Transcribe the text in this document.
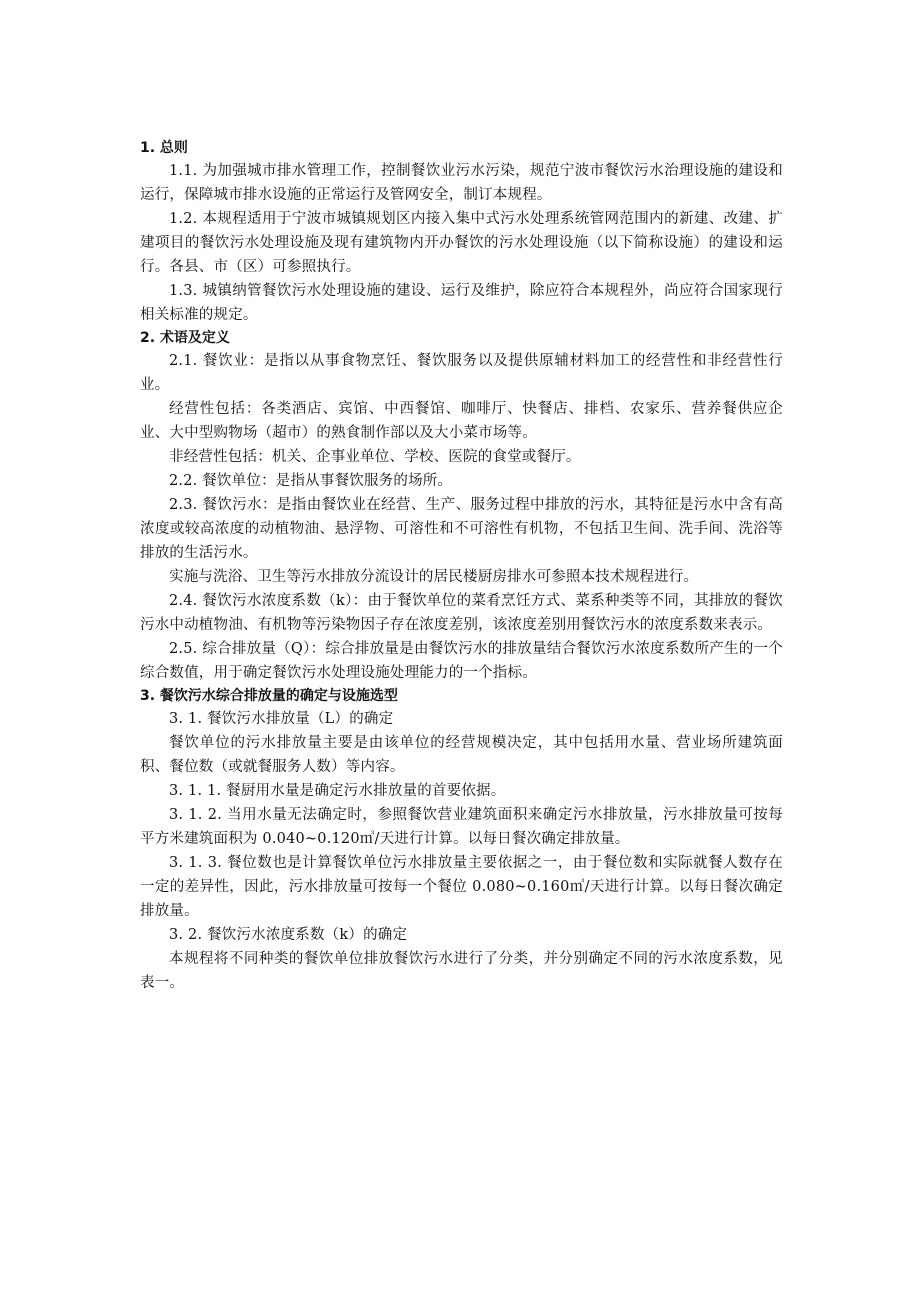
1. 总则

1.1. 为加强城市排水管理工作，控制餐饮业污水污染，规范宁波市餐饮污水治理设施的建设和运行，保障城市排水设施的正常运行及管网安全，制订本规程。

1.2. 本规程适用于宁波市城镇规划区内接入集中式污水处理系统管网范围内的新建、改建、扩建项目的餐饮污水处理设施及现有建筑物内开办餐饮的污水处理设施（以下简称设施）的建设和运行。各县、市（区）可参照执行。

1.3. 城镇纳管餐饮污水处理设施的建设、运行及维护，除应符合本规程外，尚应符合国家现行相关标准的规定。

2. 术语及定义

2.1. 餐饮业：是指以从事食物烹饪、餐饮服务以及提供原辅材料加工的经营性和非经营性行业。

经营性包括：各类酒店、宾馆、中西餐馆、咖啡厅、快餐店、排档、农家乐、营养餐供应企业、大中型购物场（超市）的熟食制作部以及大小菜市场等。

非经营性包括：机关、企事业单位、学校、医院的食堂或餐厅。

2.2. 餐饮单位：是指从事餐饮服务的场所。

2.3. 餐饮污水：是指由餐饮业在经营、生产、服务过程中排放的污水，其特征是污水中含有高浓度或较高浓度的动植物油、悬浮物、可溶性和不可溶性有机物，不包括卫生间、洗手间、洗浴等排放的生活污水。

实施与洗浴、卫生等污水排放分流设计的居民楼厨房排水可参照本技术规程进行。

2.4. 餐饮污水浓度系数（k）：由于餐饮单位的菜肴烹饪方式、菜系种类等不同，其排放的餐饮污水中动植物油、有机物等污染物因子存在浓度差别，该浓度差别用餐饮污水的浓度系数来表示。

2.5. 综合排放量（Q）：综合排放量是由餐饮污水的排放量结合餐饮污水浓度系数所产生的一个综合数值，用于确定餐饮污水处理设施处理能力的一个指标。

3. 餐饮污水综合排放量的确定与设施选型

3. 1. 餐饮污水排放量（L）的确定

餐饮单位的污水排放量主要是由该单位的经营规模决定，其中包括用水量、营业场所建筑面积、餐位数（或就餐服务人数）等内容。

3. 1. 1. 餐厨用水量是确定污水排放量的首要依据。

3. 1. 2. 当用水量无法确定时，参照餐饮营业建筑面积来确定污水排放量，污水排放量可按每平方米建筑面积为 0.040~0.120㎥/天进行计算。以每日餐次确定排放量。

3. 1. 3. 餐位数也是计算餐饮单位污水排放量主要依据之一，由于餐位数和实际就餐人数存在一定的差异性，因此，污水排放量可按每一个餐位 0.080~0.160㎥/天进行计算。以每日餐次确定排放量。

3. 2. 餐饮污水浓度系数（k）的确定

本规程将不同种类的餐饮单位排放餐饮污水进行了分类，并分别确定不同的污水浓度系数，见表一。
